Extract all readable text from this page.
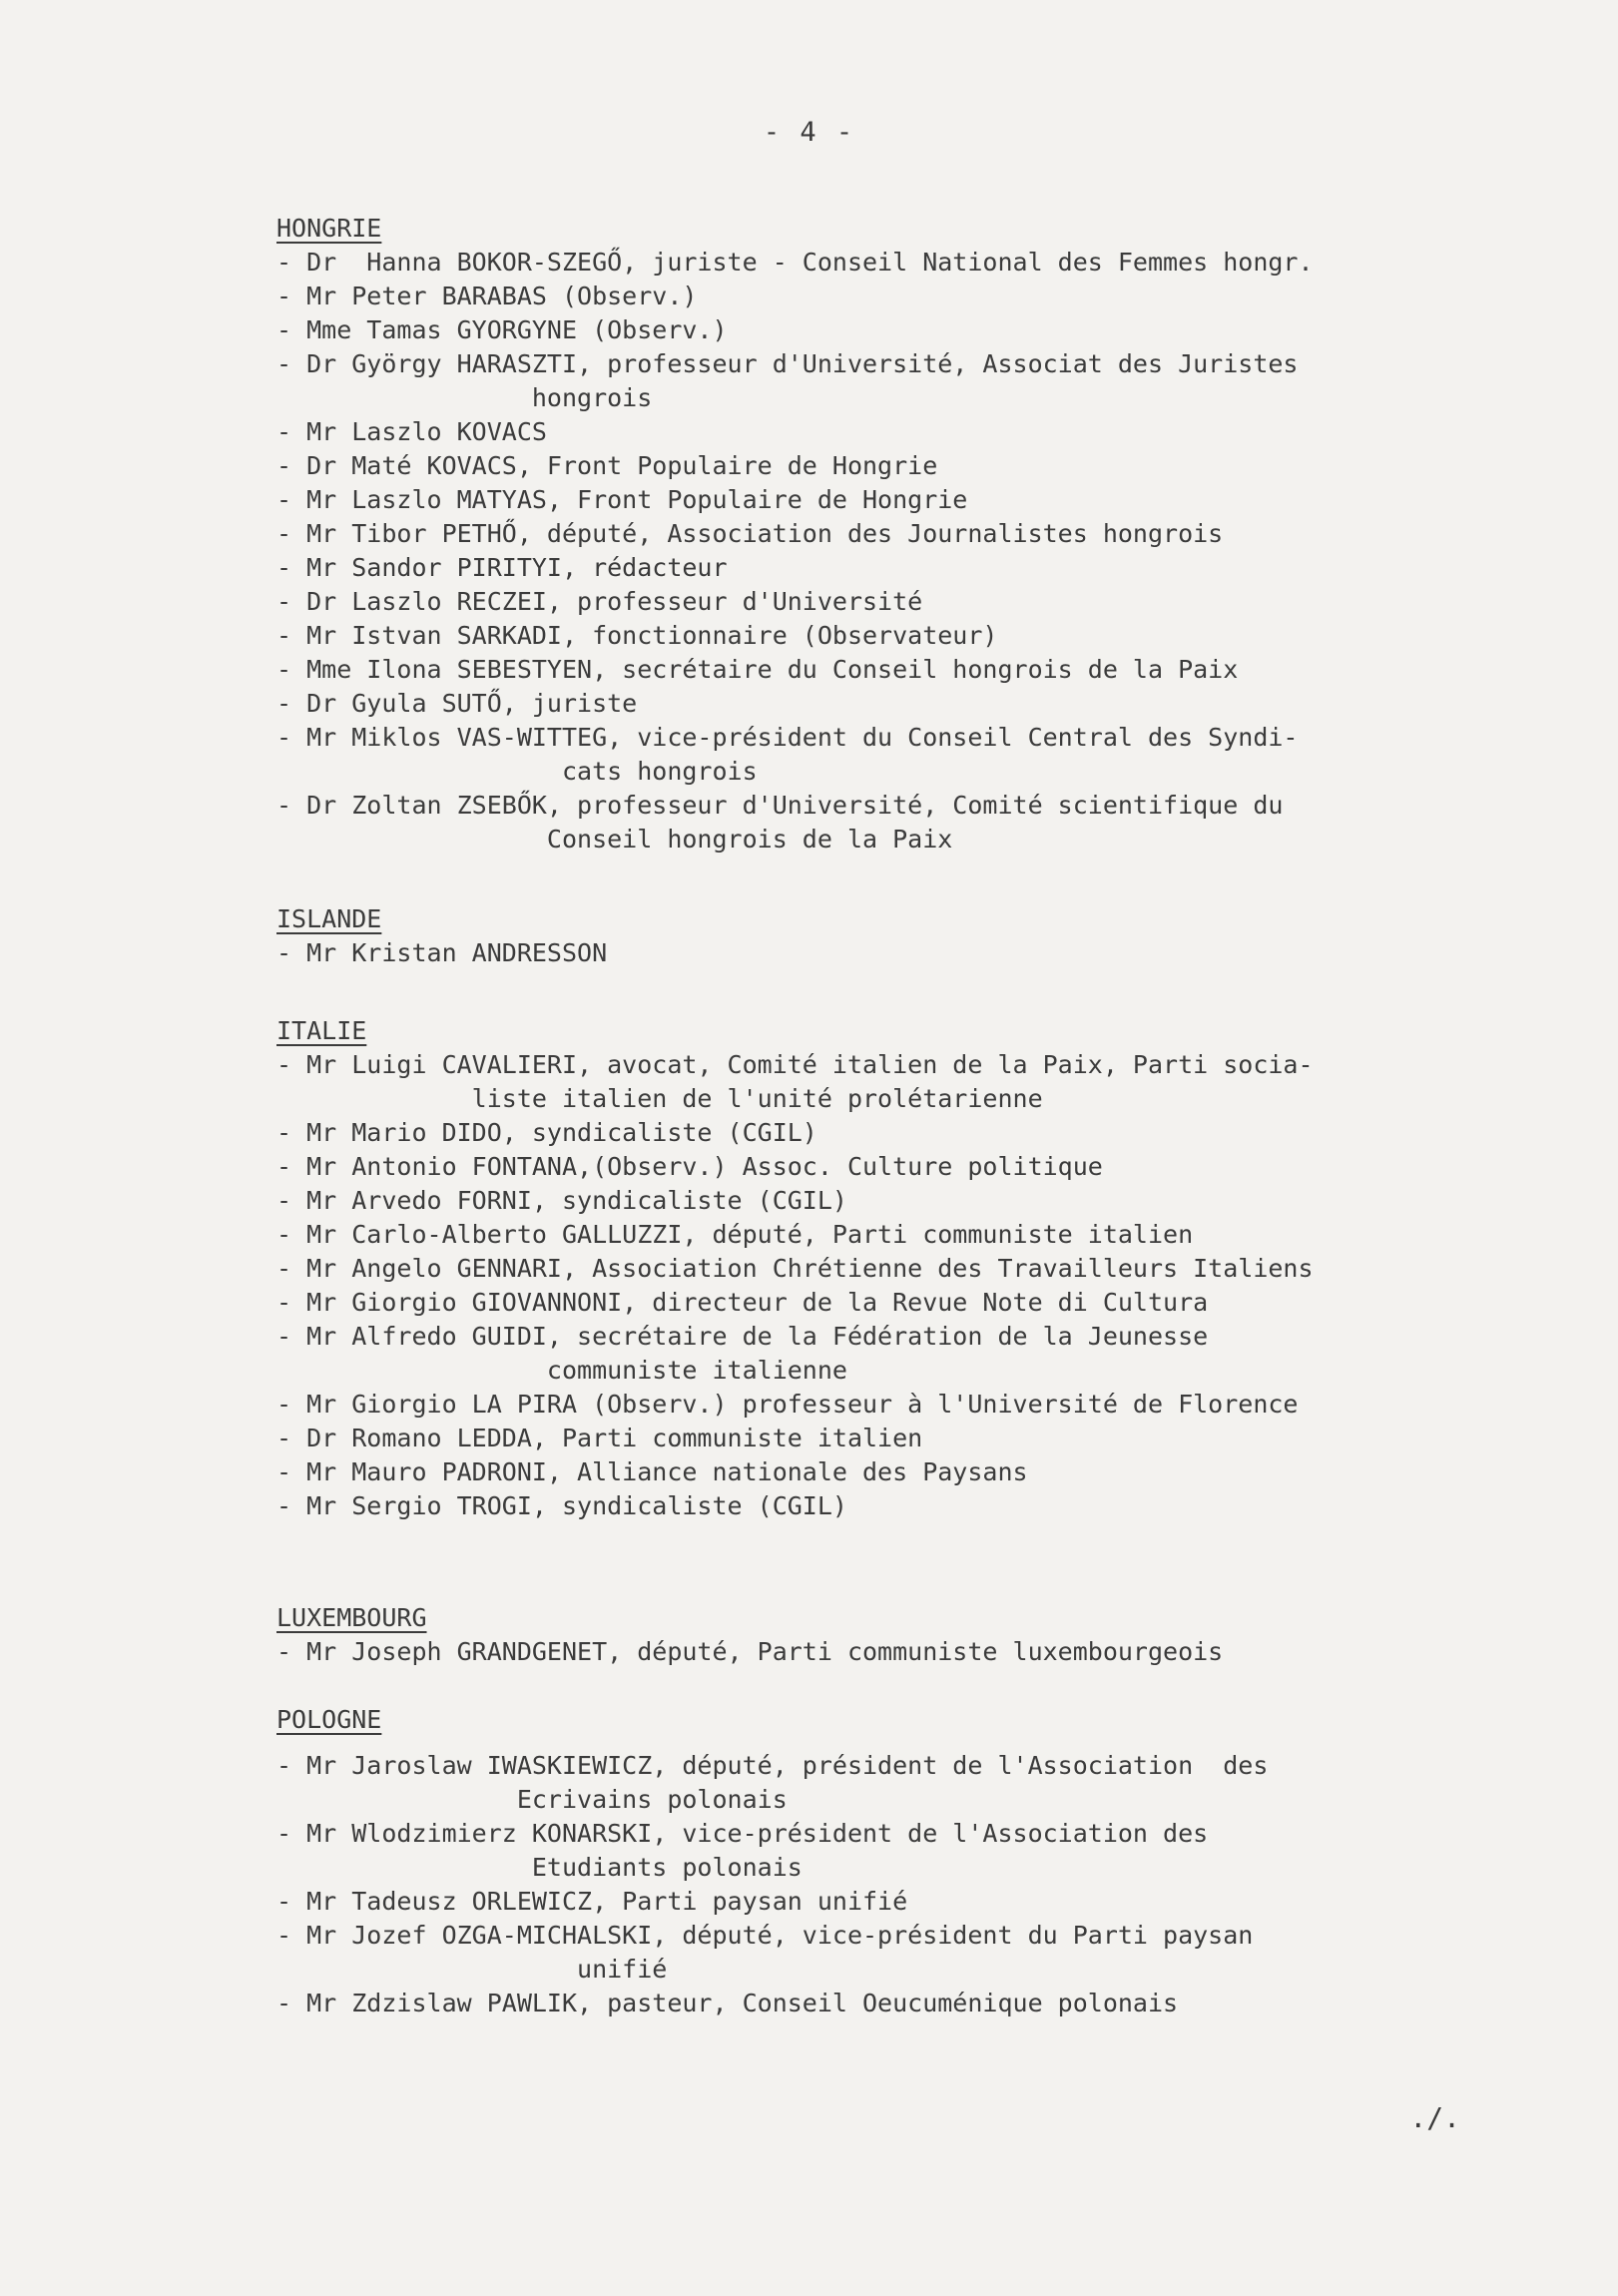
- 4 -
HONGRIE
- Dr  Hanna BOKOR-SZEGŐ, juriste - Conseil National des Femmes hongr.
- Mr Peter BARABAS (Observ.)
- Mme Tamas GYORGYNE (Observ.)
- Dr György HARASZTI, professeur d'Université, Associat des Juristes
hongrois
- Mr Laszlo KOVACS
- Dr Maté KOVACS, Front Populaire de Hongrie
- Mr Laszlo MATYAS, Front Populaire de Hongrie
- Mr Tibor PETHŐ, député, Association des Journalistes hongrois
- Mr Sandor PIRITYI, rédacteur
- Dr Laszlo RECZEI, professeur d'Université
- Mr Istvan SARKADI, fonctionnaire (Observateur)
- Mme Ilona SEBESTYEN, secrétaire du Conseil hongrois de la Paix
- Dr Gyula SUTŐ, juriste
- Mr Miklos VAS-WITTEG, vice-président du Conseil Central des Syndi-
cats hongrois
- Dr Zoltan ZSEBŐK, professeur d'Université, Comité scientifique du
Conseil hongrois de la Paix
ISLANDE
- Mr Kristan ANDRESSON
ITALIE
- Mr Luigi CAVALIERI, avocat, Comité italien de la Paix, Parti socia-
liste italien de l'unité prolétarienne
- Mr Mario DIDO, syndicaliste (CGIL)
- Mr Antonio FONTANA,(Observ.) Assoc. Culture politique
- Mr Arvedo FORNI, syndicaliste (CGIL)
- Mr Carlo-Alberto GALLUZZI, député, Parti communiste italien
- Mr Angelo GENNARI, Association Chrétienne des Travailleurs Italiens
- Mr Giorgio GIOVANNONI, directeur de la Revue Note di Cultura
- Mr Alfredo GUIDI, secrétaire de la Fédération de la Jeunesse
communiste italienne
- Mr Giorgio LA PIRA (Observ.) professeur à l'Université de Florence
- Dr Romano LEDDA, Parti communiste italien
- Mr Mauro PADRONI, Alliance nationale des Paysans
- Mr Sergio TROGI, syndicaliste (CGIL)
LUXEMBOURG
- Mr Joseph GRANDGENET, député, Parti communiste luxembourgeois
POLOGNE
- Mr Jaroslaw IWASKIEWICZ, député, président de l'Association  des
Ecrivains polonais
- Mr Wlodzimierz KONARSKI, vice-président de l'Association des
Etudiants polonais
- Mr Tadeusz ORLEWICZ, Parti paysan unifié
- Mr Jozef OZGA-MICHALSKI, député, vice-président du Parti paysan
unifié
- Mr Zdzislaw PAWLIK, pasteur, Conseil Oeucuménique polonais
./.
